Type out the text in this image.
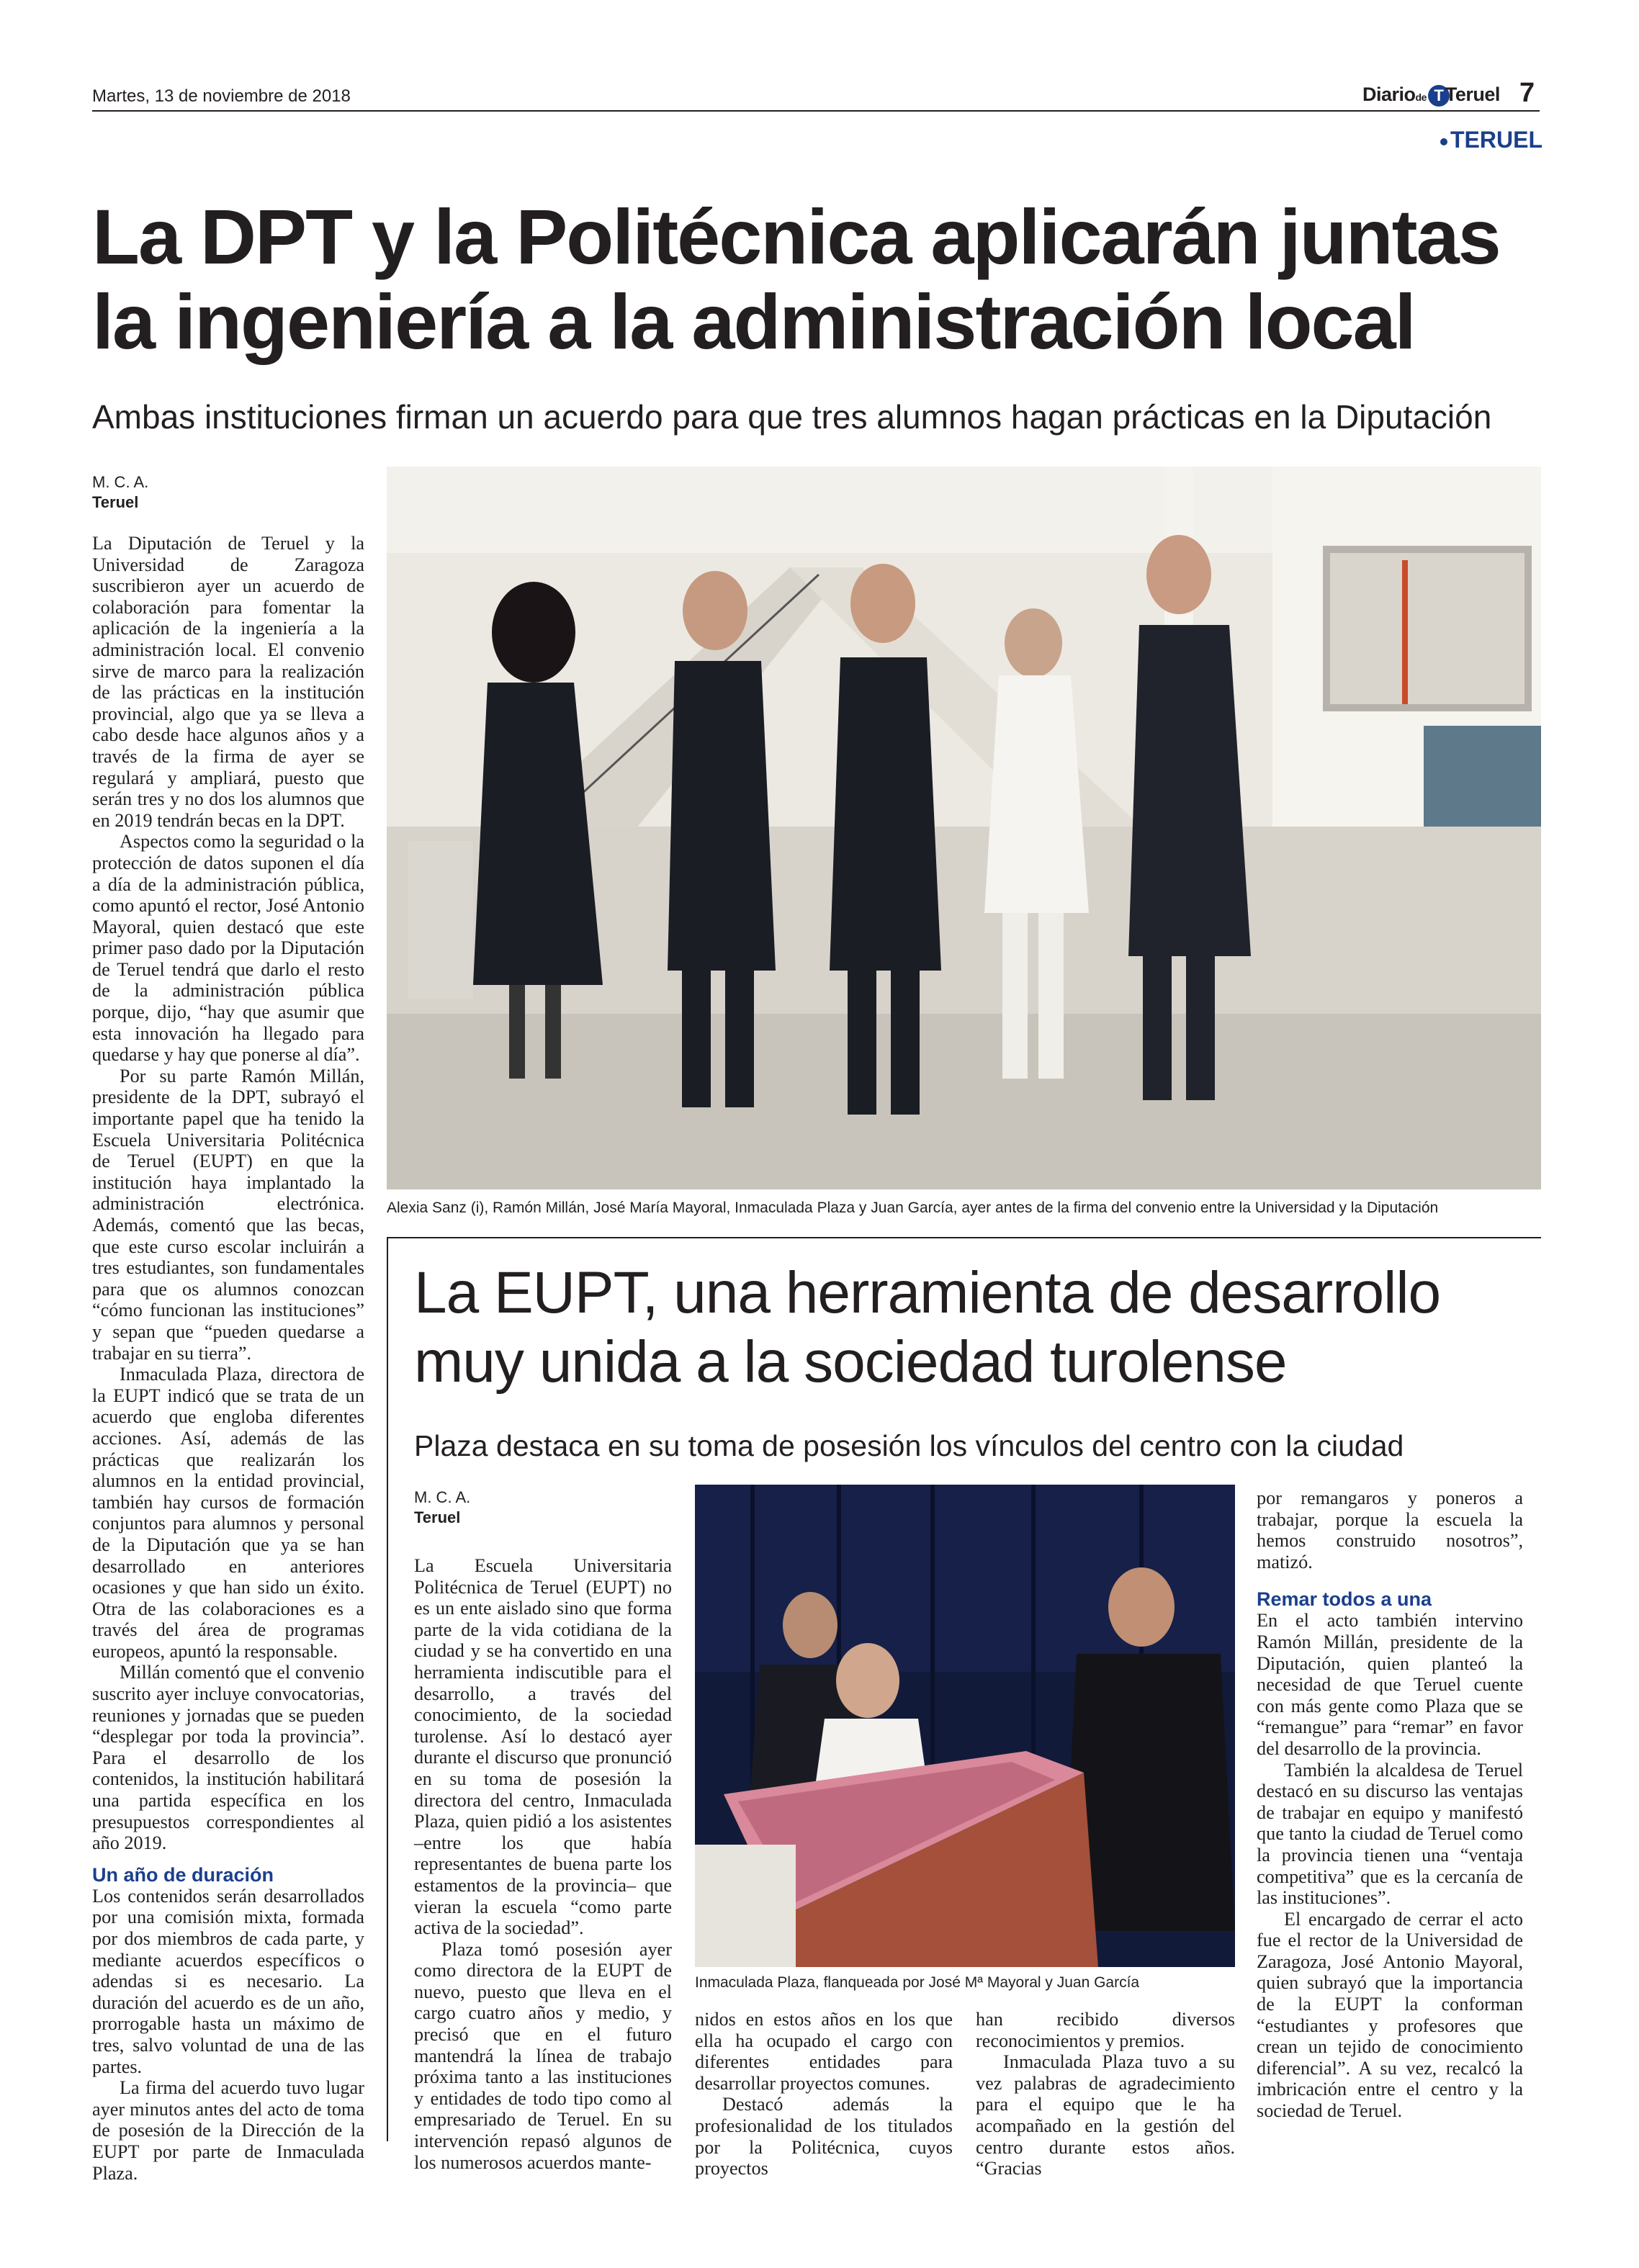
Martes, 13 de noviembre de 2018	Diariode TTeruel 7
TERUEL
La DPT y la Politécnica aplicarán juntas
la ingeniería a la administración local
Ambas instituciones firman un acuerdo para que tres alumnos hagan prácticas en la Diputación
M. C. A.
Teruel

La Diputación de Teruel y la Universidad de Zaragoza suscribieron ayer un acuerdo de colaboración para fomentar la aplicación de la ingeniería a la administración local. El convenio sirve de marco para la realización de las prácticas en la institución provincial, algo que ya se lleva a cabo desde hace algunos años y a través de la firma de ayer se regulará y ampliará, puesto que serán tres y no dos los alumnos que en 2019 tendrán becas en la DPT.

Aspectos como la seguridad o la protección de datos suponen el día a día de la administración pública, como apuntó el rector, José Antonio Mayoral, quien destacó que este primer paso dado por la Diputación de Teruel tendrá que darlo el resto de la administración pública porque, dijo, “hay que asumir que esta innovación ha llegado para quedarse y hay que ponerse al día”.

Por su parte Ramón Millán, presidente de la DPT, subrayó el importante papel que ha tenido la Escuela Universitaria Politécnica de Teruel (EUPT) en que la institución haya implantado la administración electrónica. Además, comentó que las becas, que este curso escolar incluirán a tres estudiantes, son fundamentales para que os alumnos conozcan “cómo funcionan las instituciones” y sepan que “pueden quedarse a trabajar en su tierra”.

Inmaculada Plaza, directora de la EUPT indicó que se trata de un acuerdo que engloba diferentes acciones. Así, además de las prácticas que realizarán los alumnos en la entidad provincial, también hay cursos de formación conjuntos para alumnos y personal de la Diputación que ya se han desarrollado en anteriores ocasiones y que han sido un éxito. Otra de las colaboraciones es a través del área de programas europeos, apuntó la responsable.

Millán comentó que el convenio suscrito ayer incluye convocatorias, reuniones y jornadas que se pueden “desplegar por toda la provincia”. Para el desarrollo de los contenidos, la institución habilitará una partida específica en los presupuestos correspondientes al año 2019.

Un año de duración

Los contenidos serán desarrollados por una comisión mixta, formada por dos miembros de cada parte, y mediante acuerdos específicos o adendas si es necesario. La duración del acuerdo es de un año, prorrogable hasta un máximo de tres, salvo voluntad de una de las partes.

La firma del acuerdo tuvo lugar ayer minutos antes del acto de toma de posesión de la Dirección de la EUPT por parte de Inmaculada Plaza.

Alexia Sanz (i), Ramón Millán, José María Mayoral, Inmaculada Plaza y Juan García, ayer antes de la firma del convenio entre la Universidad y la Diputación
La EUPT, una herramienta de desarrollo
muy unida a la sociedad turolense
Plaza destaca en su toma de posesión los vínculos del centro con la ciudad
M. C. A.
Teruel

La Escuela Universitaria Politécnica de Teruel (EUPT) no es un ente aislado sino que forma parte de la vida cotidiana de la ciudad y se ha convertido en una herramienta indiscutible para el desarrollo, a través del conocimiento, de la sociedad turolense. Así lo destacó ayer durante el discurso que pronunció en su toma de posesión la directora del centro, Inmaculada Plaza, quien pidió a los asistentes –entre los que había representantes de buena parte los estamentos de la provincia– que vieran la escuela “como parte activa de la sociedad”.

Plaza tomó posesión ayer como directora de la EUPT de nuevo, puesto que lleva en el cargo cuatro años y medio, y precisó que en el futuro mantendrá la línea de trabajo próxima tanto a las instituciones y entidades de todo tipo como al empresariado de Teruel. En su intervención repasó algunos de los numerosos acuerdos mante-

Inmaculada Plaza, flanqueada por José Mª Mayoral y Juan García

nidos en estos años en los que ella ha ocupado el cargo con diferentes entidades para desarrollar proyectos comunes.

Destacó además la profesionalidad de los titulados por la Politécnica, cuyos proyectos

han recibido diversos reconocimientos y premios.

Inmaculada Plaza tuvo a su vez palabras de agradecimiento para el equipo que le ha acompañado en la gestión del centro durante estos años. “Gracias

por remangaros y poneros a trabajar, porque la escuela la hemos construido nosotros”, matizó.

Remar todos a una

En el acto también intervino Ramón Millán, presidente de la Diputación, quien planteó la necesidad de que Teruel cuente con más gente como Plaza que se “remangue” para “remar” en favor del desarrollo de la provincia.

También la alcaldesa de Teruel destacó en su discurso las ventajas de trabajar en equipo y manifestó que tanto la ciudad de Teruel como la provincia tienen una “ventaja competitiva” que es la cercanía de las instituciones”.

El encargado de cerrar el acto fue el rector de la Universidad de Zaragoza, José Antonio Mayoral, quien subrayó que la importancia de la EUPT la conforman “estudiantes y profesores que crean un tejido de conocimiento diferencial”. A su vez, recalcó la imbricación entre el centro y la sociedad de Teruel.
